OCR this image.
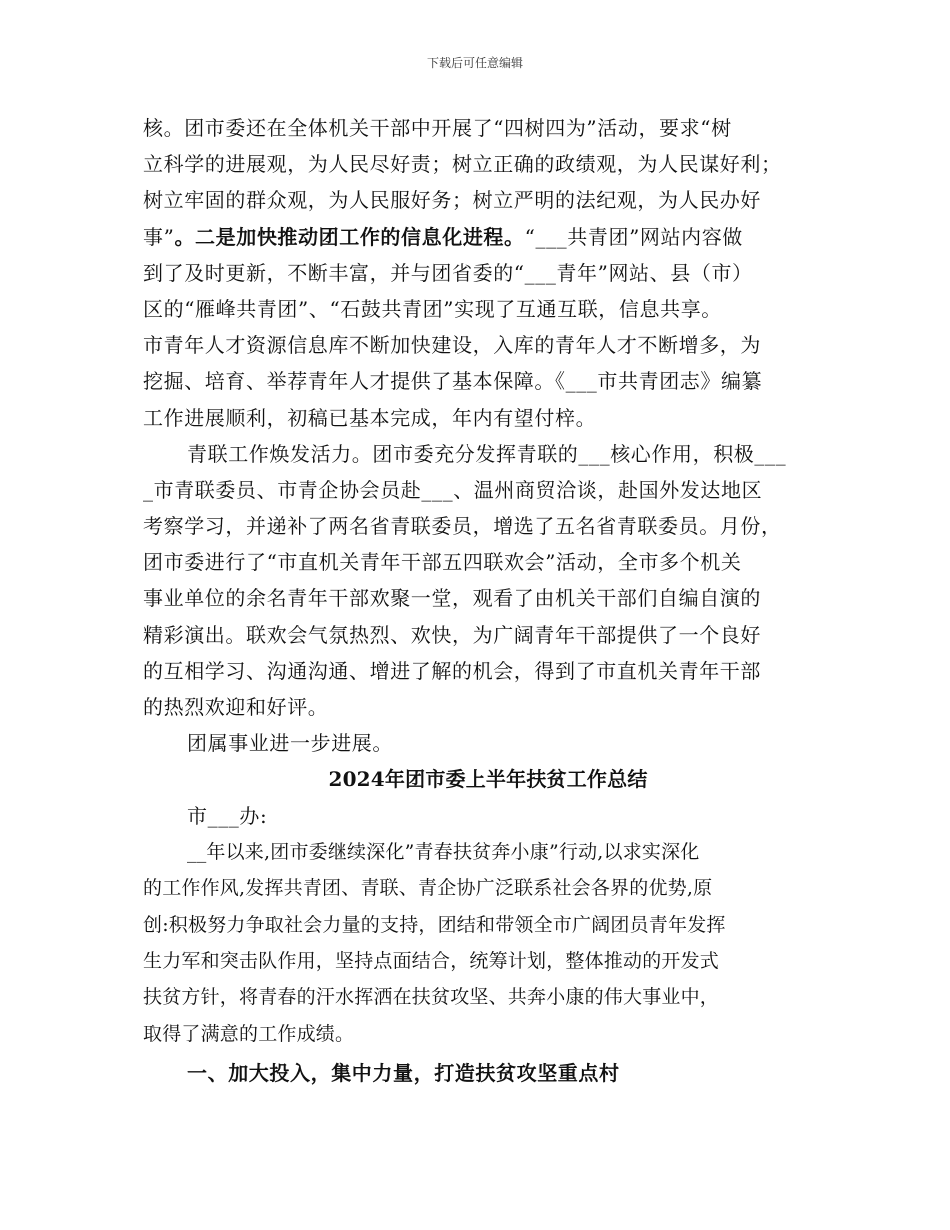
下载后可任意编辑
核。团市委还在全体机关干部中开展了“四树四为”活动，要求“树
立科学的进展观，为人民尽好责；树立正确的政绩观，为人民谋好利；
树立牢固的群众观，为人民服好务；树立严明的法纪观，为人民办好
事”。二是加快推动团工作的信息化进程。“___共青团”网站内容做
到了及时更新，不断丰富，并与团省委的“___青年”网站、县（市）
区的“雁峰共青团”、“石鼓共青团”实现了互通互联，信息共享。
市青年人才资源信息库不断加快建设，入库的青年人才不断增多，为
挖掘、培育、举荐青年人才提供了基本保障。《___市共青团志》编纂
工作进展顺利，初稿已基本完成，年内有望付梓。
青联工作焕发活力。团市委充分发挥青联的___核心作用，积极___
_市青联委员、市青企协会员赴___、温州商贸洽谈，赴国外发达地区
考察学习，并递补了两名省青联委员，增选了五名省青联委员。月份，
团市委进行了“市直机关青年干部五四联欢会”活动，全市多个机关
事业单位的余名青年干部欢聚一堂，观看了由机关干部们自编自演的
精彩演出。联欢会气氛热烈、欢快，为广阔青年干部提供了一个良好
的互相学习、沟通沟通、增进了解的机会，得到了市直机关青年干部
的热烈欢迎和好评。
团属事业进一步进展。
2024年团市委上半年扶贫工作总结
市___办:
__年以来,团市委继续深化”青春扶贫奔小康”行动,以求实深化
的工作作风,发挥共青团、青联、青企协广泛联系社会各界的优势,原
创:积极努力争取社会力量的支持，团结和带领全市广阔团员青年发挥
生力军和突击队作用，坚持点面结合，统筹计划，整体推动的开发式
扶贫方针，将青春的汗水挥洒在扶贫攻坚、共奔小康的伟大事业中，
取得了满意的工作成绩。
一、加大投入，集中力量，打造扶贫攻坚重点村
